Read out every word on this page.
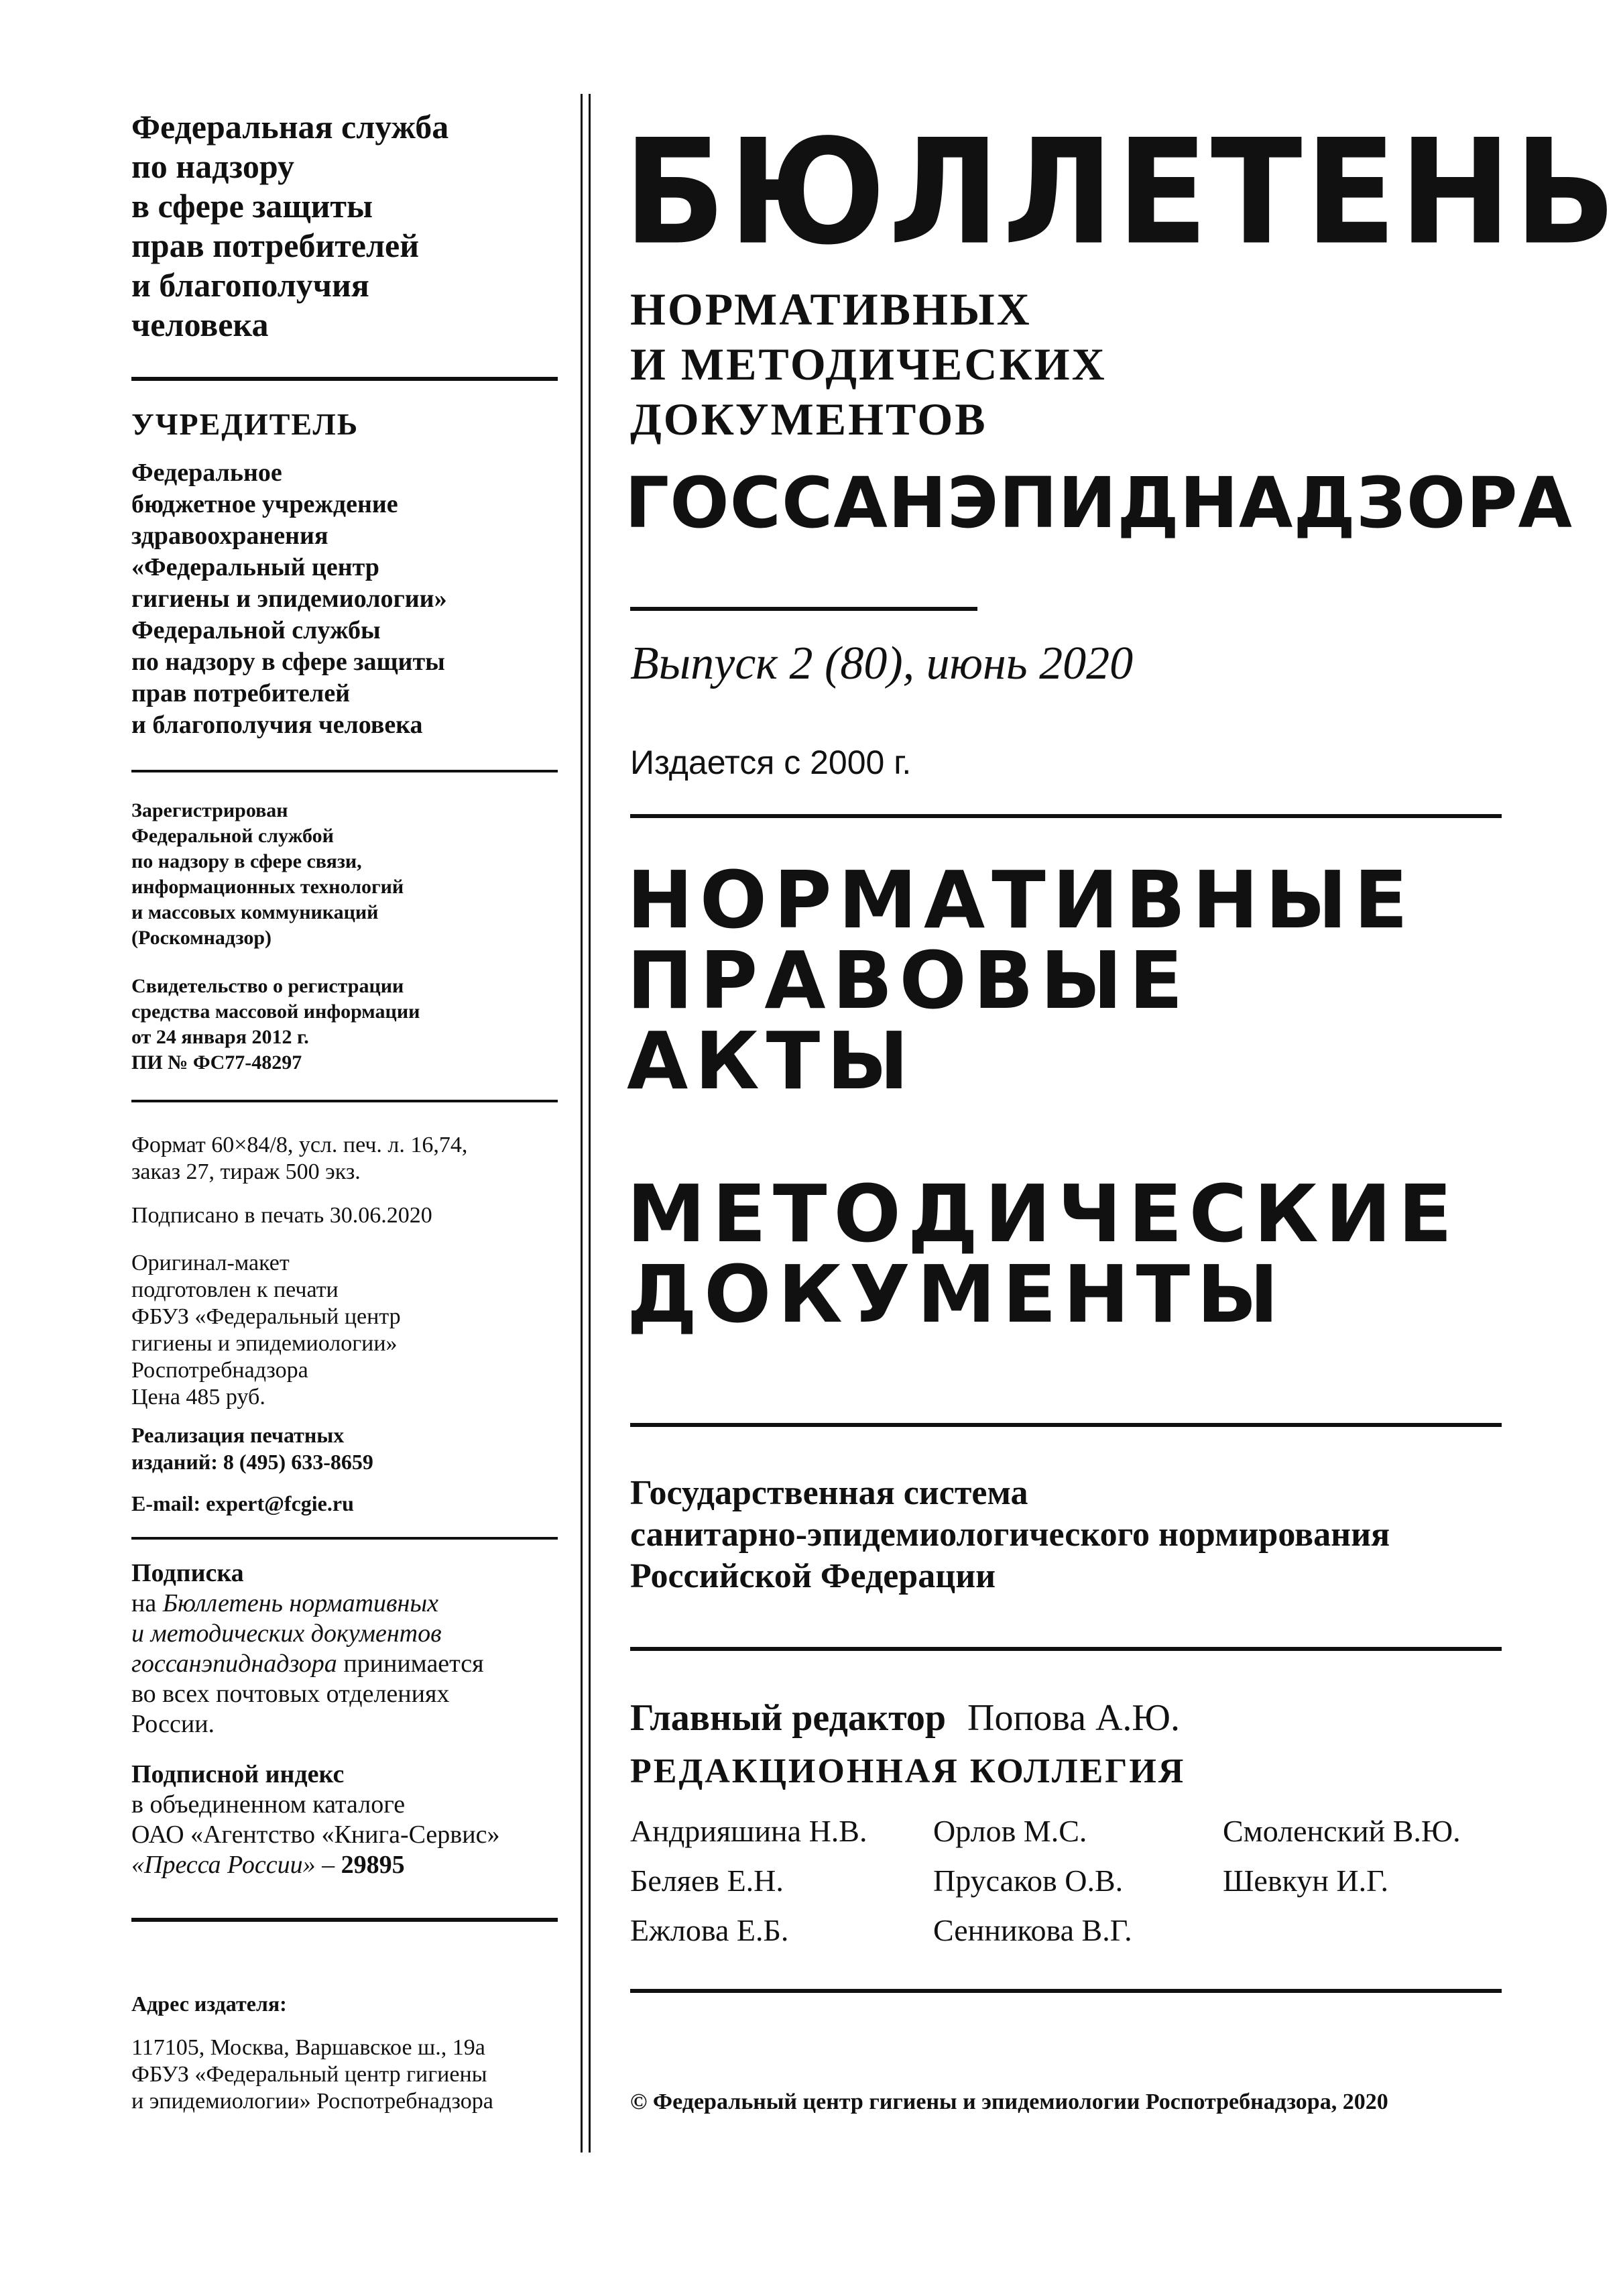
Федеральная служба
по надзору
в сфере защиты
прав потребителей
и благополучия
человека
УЧРЕДИТЕЛЬ
Федеральное
бюджетное учреждение
здравоохранения
«Федеральный центр
гигиены и эпидемиологии»
Федеральной службы
по надзору в сфере защиты
прав потребителей
и благополучия человека
Зарегистрирован
Федеральной службой
по надзору в сфере связи,
информационных технологий
и массовых коммуникаций
(Роскомнадзор)
Свидетельство о регистрации
средства массовой информации
от 24 января 2012 г.
ПИ № ФС77-48297
Формат 60×84/8, усл. печ. л. 16,74,
заказ 27, тираж 500 экз.
Подписано в печать 30.06.2020
Оригинал-макет
подготовлен к печати
ФБУЗ «Федеральный центр
гигиены и эпидемиологии»
Роспотребнадзора
Цена 485 руб.
Реализация печатных
изданий: 8 (495) 633-8659
E-mail: expert@fcgie.ru
Подписка
на Бюллетень нормативных
и методических документов
госсанэпиднадзора принимается
во всех почтовых отделениях
России.
Подписной индекс
в объединенном каталоге
ОАО «Агентство «Книга-Сервис»
«Пресса России» – 29895
Адрес издателя:
117105, Москва, Варшавское ш., 19а
ФБУЗ «Федеральный центр гигиены
и эпидемиологии» Роспотребнадзора
БЮЛЛЕТЕНЬ
НОРМАТИВНЫХ
И МЕТОДИЧЕСКИХ
ДОКУМЕНТОВ
ГОССАНЭПИДНАДЗОРА
Выпуск 2 (80), июнь 2020
Издается с 2000 г.
НОРМАТИВНЫЕ
ПРАВОВЫЕ
АКТЫ
МЕТОДИЧЕСКИЕ
ДОКУМЕНТЫ
Государственная система
санитарно-эпидемиологического нормирования
Российской Федерации
Главный редактор Попова А.Ю.
РЕДАКЦИОННАЯ КОЛЛЕГИЯ
Андрияшина Н.В.
Беляев Е.Н.
Ежлова Е.Б.
Орлов М.С.
Прусаков О.В.
Сенникова В.Г.
Смоленский В.Ю.
Шевкун И.Г.
© Федеральный центр гигиены и эпидемиологии Роспотребнадзора, 2020
